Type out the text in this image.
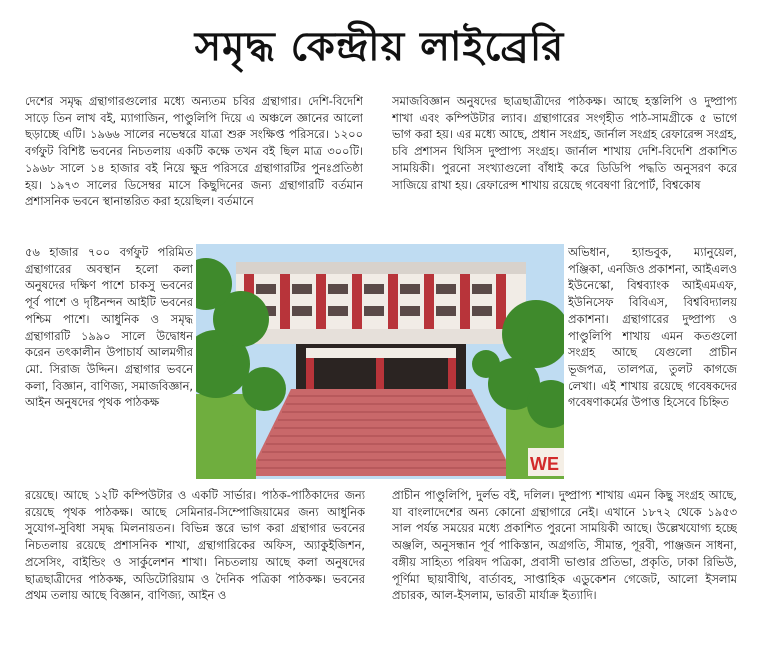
সমৃদ্ধ কেন্দ্রীয় লাইব্রেরি

দেশের সমৃদ্ধ গ্রন্থাগারগুলোর মধ্যে অন্যতম চবির গ্রন্থাগার। দেশি-বিদেশি সাড়ে তিন লাখ বই, ম্যাগাজিন, পাণ্ডুলিপি দিয়ে এ অঞ্চলে জ্ঞানের আলো ছড়াচ্ছে এটি। ১৯৬৬ সালের নভেম্বরে যাত্রা শুরু সংক্ষিপ্ত পরিসরে। ১২০০ বর্গফুট বিশিষ্ট ভবনের নিচতলায় একটি কক্ষে তখন বই ছিল মাত্র ৩০০টি। ১৯৬৮ সালে ১৪ হাজার বই নিয়ে ক্ষুদ্র পরিসরে গ্রন্থাগারটির পুনঃপ্রতিষ্ঠা হয়। ১৯৭৩ সালের ডিসেম্বর মাসে কিছুদিনের জন্য গ্রন্থাগারটি বর্তমান প্রশাসনিক ভবনে স্থানান্তরিত করা হয়েছিল। বর্তমানে

সমাজবিজ্ঞান অনুষদের ছাত্রছাত্রীদের পাঠকক্ষ। আছে হস্তলিপি ও দুষ্প্রাপ্য শাখা এবং কম্পিউটার ল্যাব। গ্রন্থাগারের সংগৃহীত পাঠ-সামগ্রীকে ৫ ভাগে ভাগ করা হয়। এর মধ্যে আছে, প্রধান সংগ্রহ, জার্নাল সংগ্রহ রেফারেন্স সংগ্রহ, চবি প্রশাসন থিসিস দুষ্প্রাপ্য সংগ্রহ। জার্নাল শাখায় দেশি-বিদেশি প্রকাশিত সাময়িকী। পুরনো সংখ্যাগুলো বাঁধাই করে ডিডিপি পদ্ধতি অনুসরণ করে সাজিয়ে রাখা হয়। রেফারেন্স শাখায় রয়েছে গবেষণা রিপোর্ট, বিশ্বকোষ

৫৬ হাজার ৭০০ বর্গফুট পরিমিত গ্রন্থাগারের অবস্থান হলো কলা অনুষদের দক্ষিণ পাশে চাকসু ভবনের পূর্ব পাশে ও দৃষ্টিনন্দন আইটি ভবনের পশ্চিম পাশে। আধুনিক ও সমৃদ্ধ গ্রন্থাগারটি ১৯৯০ সালে উদ্বোধন করেন তৎকালীন উপাচার্য আলমগীর মো. সিরাজ উদ্দিন। গ্রন্থাগার ভবনে কলা, বিজ্ঞান, বাণিজ্য, সমাজবিজ্ঞান, আইন অনুষদের পৃথক পাঠকক্ষ

WE

অভিধান, হ্যান্ডবুক, ম্যানুয়েল, পঞ্জিকা, এনজিও প্রকাশনা, আইএলও ইউনেস্কো, বিশ্বব্যাংক আইএমএফ, ইউনিসেফ বিবিএস, বিশ্ববিদ্যালয় প্রকাশনা। গ্রন্থাগারের দুষ্প্রাপ্য ও পাণ্ডুলিপি শাখায় এমন কতগুলো সংগ্রহ আছে যেগুলো প্রাচীন ভূজপত্র, তালপত্র, তুলট কাগজে লেখা। এই শাখায় রয়েছে গবেষকদের গবেষণাকর্মের উপাত্ত হিসেবে চিহ্নিত

রয়েছে। আছে ১২টি কম্পিউটার ও একটি সার্ভার। পাঠক-পাঠিকাদের জন্য রয়েছে পৃথক পাঠকক্ষ। আছে সেমিনার-সিম্পোজিয়ামের জন্য আধুনিক সুযোগ-সুবিধা সমৃদ্ধ মিলনায়তন। বিভিন্ন স্তরে ভাগ করা গ্রন্থাগার ভবনের নিচতলায় রয়েছে প্রশাসনিক শাখা, গ্রন্থাগারিকের অফিস, অ্যাকুইজিশন, প্রসেসিং, বাইন্ডিং ও সার্কুলেশন শাখা। নিচতলায় আছে কলা অনুষদের ছাত্রছাত্রীদের পাঠকক্ষ, অডিটোরিয়াম ও দৈনিক পত্রিকা পাঠকক্ষ। ভবনের প্রথম তলায় আছে বিজ্ঞান, বাণিজ্য, আইন ও

প্রাচীন পাণ্ডুলিপি, দুর্লভ বই, দলিল। দুষ্প্রাপ্য শাখায় এমন কিছু সংগ্রহ আছে, যা বাংলাদেশের অন্য কোনো গ্রন্থাগারে নেই। এখানে ১৮৭২ থেকে ১৯৫৩ সাল পর্যন্ত সময়ের মধ্যে প্রকাশিত পুরনো সাময়িকী আছে। উল্লেখযোগ্য হচ্ছে অঞ্জলি, অনুসন্ধান পূর্ব পাকিস্তান, অগ্রগতি, সীমান্ত, পূরবী, পাঞ্জজন সাধনা, বঙ্গীয় সাহিত্য পরিষদ পত্রিকা, প্রবাসী ভাণ্ডার প্রতিভা, প্রকৃতি, ঢাকা রিভিউ, পূর্ণিমা ছায়াবীথি, বার্তাবহ, সাপ্তাহিক এডুকেশন গেজেট, আলো ইসলাম প্রচারক, আল-ইসলাম, ভারতী মার্যাক্র ইত্যাদি।
